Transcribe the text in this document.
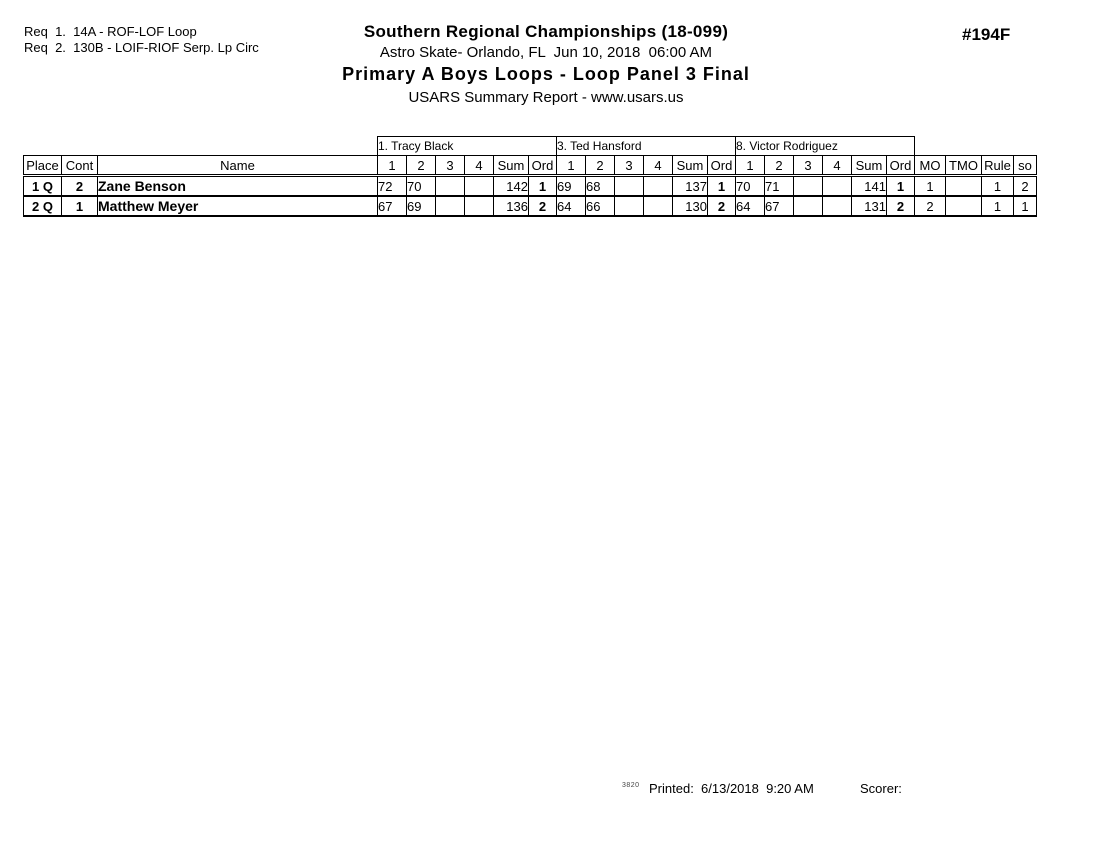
Req  1.  14A - ROF-LOF Loop
Req  2.  130B - LOIF-RIOF Serp. Lp Circ
Southern Regional Championships (18-099)
Astro Skate- Orlando, FL  Jun 10, 2018  06:00 AM
Primary A Boys Loops - Loop Panel 3 Final
USARS Summary Report - www.usars.us
#194F
			1. Tracy Black						3. Ted Hansford						8. Victor Rodriguez									
Place	Cont	Name	1	2	3	4	Sum	Ord	1	2	3	4	Sum	Ord	1	2	3	4	Sum	Ord	MO	TMO	Rule	so
1 Q	2	Zane Benson	72	70			142	1	69	68			137	1	70	71			141	1	1		1	2
2 Q	1	Matthew Meyer	67	69			136	2	64	66			130	2	64	67			131	2	2		1	1
3820 Printed:  6/13/2018  9:20 AM	Scorer:
